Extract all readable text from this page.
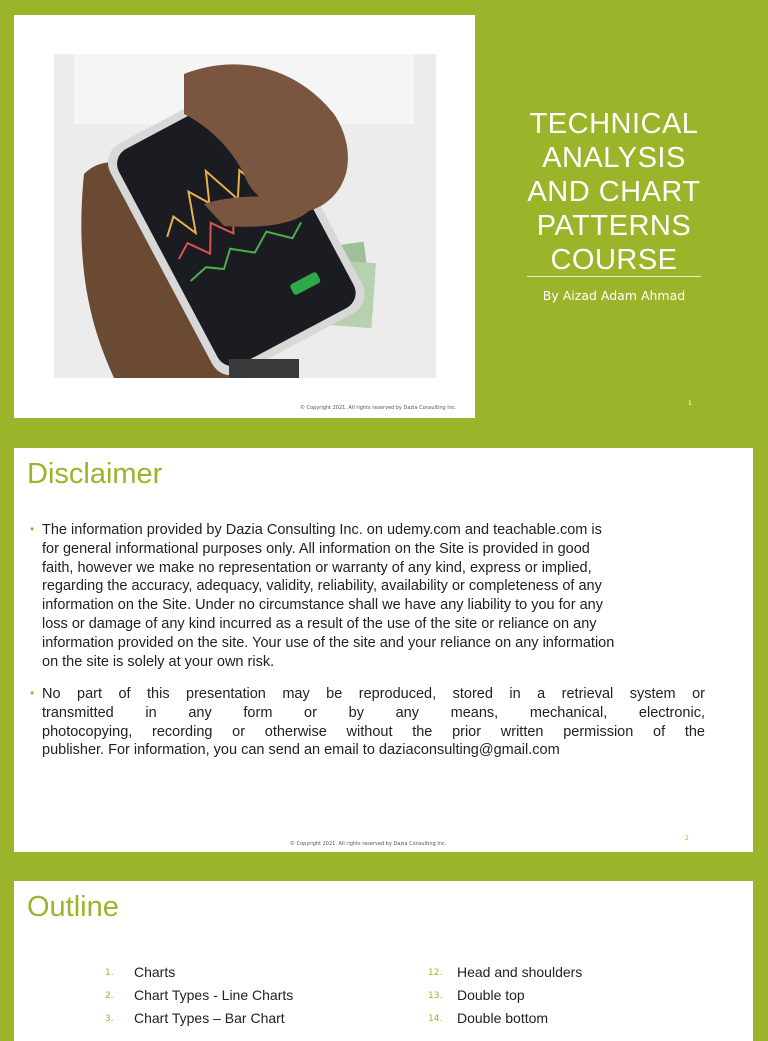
© Copyright 2021. All rights reserved by Dazia Consulting Inc.
TECHNICAL
ANALYSIS
AND CHART
PATTERNS
COURSE
By Aizad Adam Ahmad
1
Disclaimer
• The information provided by Dazia Consulting Inc. on udemy.com and teachable.com is
for general informational purposes only. All information on the Site is provided in good
faith, however we make no representation or warranty of any kind, express or implied,
regarding the accuracy, adequacy, validity, reliability, availability or completeness of any
information on the Site. Under no circumstance shall we have any liability to you for any
loss or damage of any kind incurred as a result of the use of the site or reliance on any
information provided on the site. Your use of the site and your reliance on any information
on the site is solely at your own risk.
• No part of this presentation may be reproduced, stored in a retrieval system or
transmitted in any form or by any means, mechanical, electronic,
photocopying, recording or otherwise without the prior written permission of the
publisher. For information, you can send an email to daziaconsulting@gmail.com
© Copyright 2021. All rights reserved by Dazia Consulting Inc.
2
Outline
1. Charts
2. Chart Types - Line Charts
3. Chart Types – Bar Chart
12. Head and shoulders
13. Double top
14. Double bottom
